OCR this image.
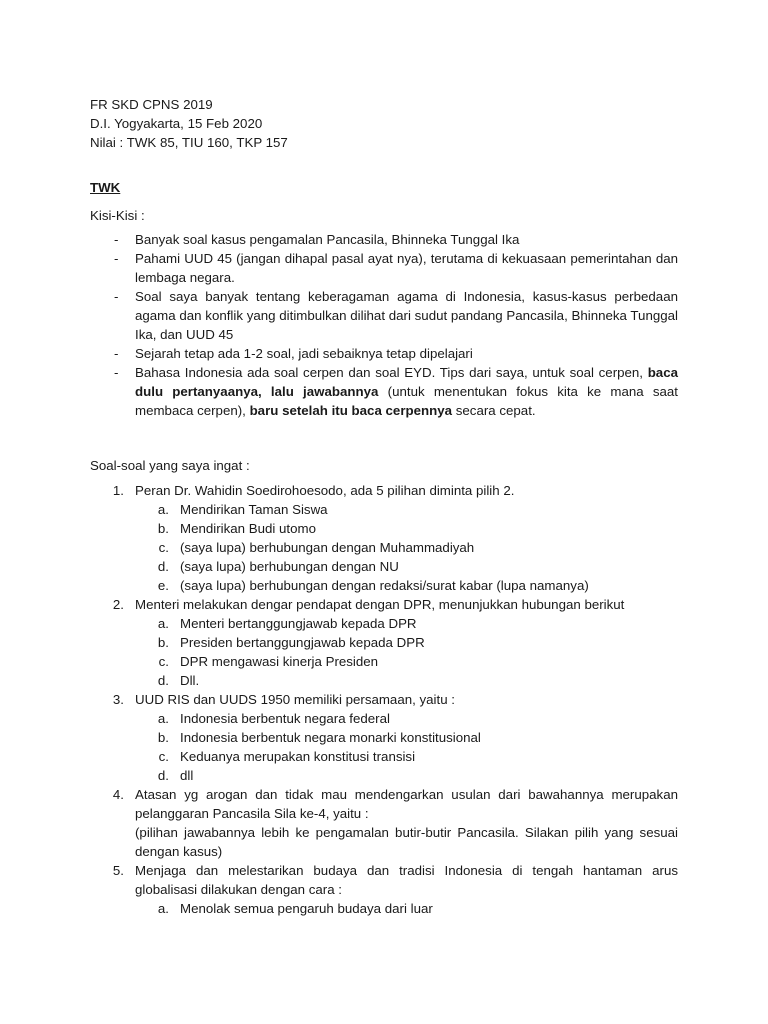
FR SKD CPNS 2019
D.I. Yogyakarta, 15 Feb 2020
Nilai : TWK 85, TIU 160, TKP 157
TWK
Kisi-Kisi :
-	Banyak soal kasus pengamalan Pancasila, Bhinneka Tunggal Ika
-	Pahami UUD 45 (jangan dihapal pasal ayat nya), terutama di kekuasaan pemerintahan dan lembaga negara.
-	Soal saya banyak tentang keberagaman agama di Indonesia, kasus-kasus perbedaan agama dan konflik yang ditimbulkan dilihat dari sudut pandang Pancasila, Bhinneka Tunggal Ika, dan UUD 45
-	Sejarah tetap ada 1-2 soal, jadi sebaiknya tetap dipelajari
-	Bahasa Indonesia ada soal cerpen dan soal EYD. Tips dari saya, untuk soal cerpen, baca dulu pertanyaanya, lalu jawabannya (untuk menentukan fokus kita ke mana saat membaca cerpen), baru setelah itu baca cerpennya secara cepat.
Soal-soal yang saya ingat :
1. Peran Dr. Wahidin Soedirohoesodo, ada 5 pilihan diminta pilih 2.
a. Mendirikan Taman Siswa
b. Mendirikan Budi utomo
c. (saya lupa) berhubungan dengan Muhammadiyah
d. (saya lupa) berhubungan dengan NU
e. (saya lupa) berhubungan dengan redaksi/surat kabar (lupa namanya)
2. Menteri melakukan dengar pendapat dengan DPR, menunjukkan hubungan berikut
a. Menteri bertanggungjawab kepada DPR
b. Presiden bertanggungjawab kepada DPR
c. DPR mengawasi kinerja Presiden
d. Dll.
3. UUD RIS dan UUDS 1950 memiliki persamaan, yaitu :
a. Indonesia berbentuk negara federal
b. Indonesia berbentuk negara monarki konstitusional
c. Keduanya merupakan konstitusi transisi
d. dll
4. Atasan yg arogan dan tidak mau mendengarkan usulan dari bawahannya merupakan pelanggaran Pancasila Sila ke-4, yaitu :
(pilihan jawabannya lebih ke pengamalan butir-butir Pancasila. Silakan pilih yang sesuai dengan kasus)
5. Menjaga dan melestarikan budaya dan tradisi Indonesia di tengah hantaman arus globalisasi dilakukan dengan cara :
a. Menolak semua pengaruh budaya dari luar
